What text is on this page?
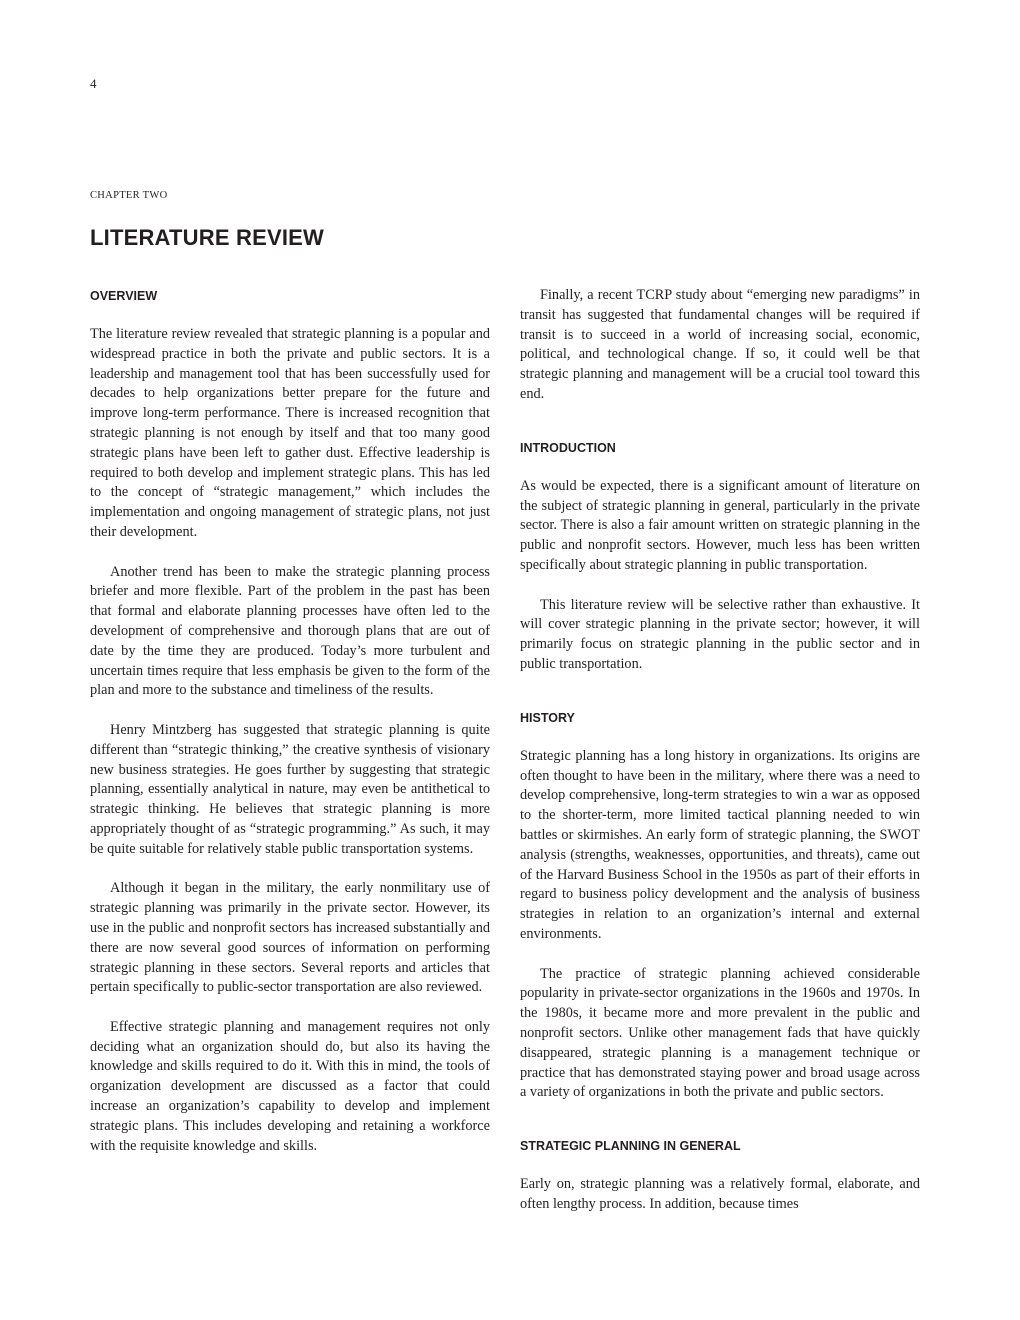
4
CHAPTER TWO
LITERATURE REVIEW
OVERVIEW

The literature review revealed that strategic planning is a popular and widespread practice in both the private and public sectors. It is a leadership and management tool that has been successfully used for decades to help organizations better prepare for the future and improve long-term performance. There is increased recognition that strategic planning is not enough by itself and that too many good strategic plans have been left to gather dust. Effective leadership is required to both develop and implement strategic plans. This has led to the concept of “strategic management,” which includes the implementation and ongoing management of strategic plans, not just their development.

Another trend has been to make the strategic planning process briefer and more flexible. Part of the problem in the past has been that formal and elaborate planning processes have often led to the development of comprehensive and thorough plans that are out of date by the time they are produced. Today’s more turbulent and uncertain times require that less emphasis be given to the form of the plan and more to the substance and timeliness of the results.

Henry Mintzberg has suggested that strategic planning is quite different than “strategic thinking,” the creative synthesis of visionary new business strategies. He goes further by suggesting that strategic planning, essentially analytical in nature, may even be antithetical to strategic thinking. He believes that strategic planning is more appropriately thought of as “strategic programming.” As such, it may be quite suitable for relatively stable public transportation systems.

Although it began in the military, the early nonmilitary use of strategic planning was primarily in the private sector. However, its use in the public and nonprofit sectors has increased substantially and there are now several good sources of information on performing strategic planning in these sectors. Several reports and articles that pertain specifically to public-sector transportation are also reviewed.

Effective strategic planning and management requires not only deciding what an organization should do, but also its having the knowledge and skills required to do it. With this in mind, the tools of organization development are discussed as a factor that could increase an organization’s capability to develop and implement strategic plans. This includes developing and retaining a workforce with the requisite knowledge and skills.

Finally, a recent TCRP study about “emerging new paradigms” in transit has suggested that fundamental changes will be required if transit is to succeed in a world of increasing social, economic, political, and technological change. If so, it could well be that strategic planning and management will be a crucial tool toward this end.

INTRODUCTION

As would be expected, there is a significant amount of literature on the subject of strategic planning in general, particularly in the private sector. There is also a fair amount written on strategic planning in the public and nonprofit sectors. However, much less has been written specifically about strategic planning in public transportation.

This literature review will be selective rather than exhaustive. It will cover strategic planning in the private sector; however, it will primarily focus on strategic planning in the public sector and in public transportation.

HISTORY

Strategic planning has a long history in organizations. Its origins are often thought to have been in the military, where there was a need to develop comprehensive, long-term strategies to win a war as opposed to the shorter-term, more limited tactical planning needed to win battles or skirmishes. An early form of strategic planning, the SWOT analysis (strengths, weaknesses, opportunities, and threats), came out of the Harvard Business School in the 1950s as part of their efforts in regard to business policy development and the analysis of business strategies in relation to an organization’s internal and external environments.

The practice of strategic planning achieved considerable popularity in private-sector organizations in the 1960s and 1970s. In the 1980s, it became more and more prevalent in the public and nonprofit sectors. Unlike other management fads that have quickly disappeared, strategic planning is a management technique or practice that has demonstrated staying power and broad usage across a variety of organizations in both the private and public sectors.

STRATEGIC PLANNING IN GENERAL

Early on, strategic planning was a relatively formal, elaborate, and often lengthy process. In addition, because times
